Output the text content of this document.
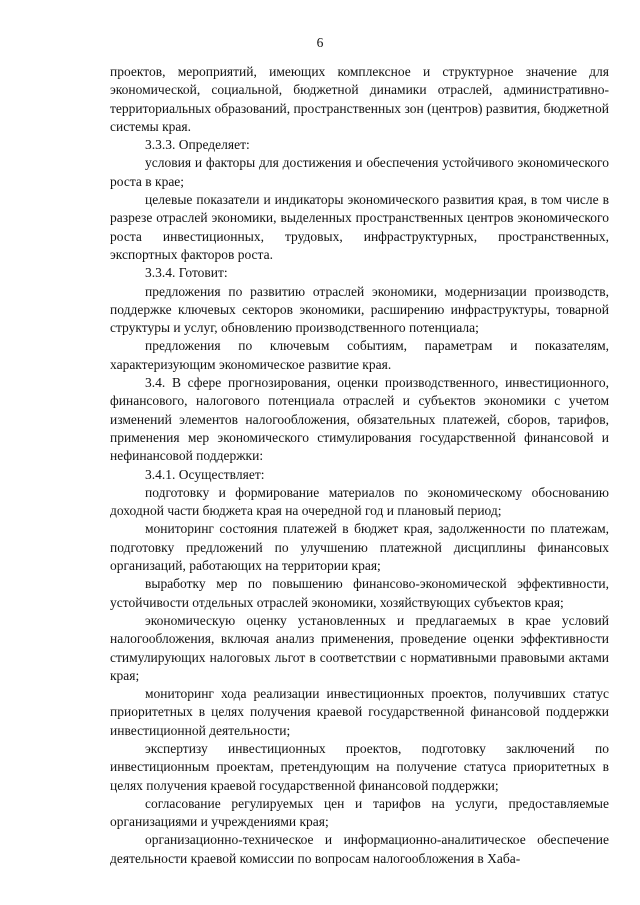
6

проектов, мероприятий, имеющих комплексное и структурное значение для экономической, социальной, бюджетной динамики отраслей, административно-территориальных образований, пространственных зон (центров) развития, бюджетной системы края.

3.3.3. Определяет:

условия и факторы для достижения и обеспечения устойчивого экономического роста в крае;

целевые показатели и индикаторы экономического развития края, в том числе в разрезе отраслей экономики, выделенных пространственных центров экономического роста инвестиционных, трудовых, инфраструктурных, пространственных, экспортных факторов роста.

3.3.4. Готовит:

предложения по развитию отраслей экономики, модернизации производств, поддержке ключевых секторов экономики, расширению инфраструктуры, товарной структуры и услуг, обновлению производственного потенциала;

предложения по ключевым событиям, параметрам и показателям, характеризующим экономическое развитие края.

3.4. В сфере прогнозирования, оценки производственного, инвестиционного, финансового, налогового потенциала отраслей и субъектов экономики с учетом изменений элементов налогообложения, обязательных платежей, сборов, тарифов, применения мер экономического стимулирования государственной финансовой и нефинансовой поддержки:

3.4.1. Осуществляет:

подготовку и формирование материалов по экономическому обоснованию доходной части бюджета края на очередной год и плановый период;

мониторинг состояния платежей в бюджет края, задолженности по платежам, подготовку предложений по улучшению платежной дисциплины финансовых организаций, работающих на территории края;

выработку мер по повышению финансово-экономической эффективности, устойчивости отдельных отраслей экономики, хозяйствующих субъектов края;

экономическую оценку установленных и предлагаемых в крае условий налогообложения, включая анализ применения, проведение оценки эффективности стимулирующих налоговых льгот в соответствии с нормативными правовыми актами края;

мониторинг хода реализации инвестиционных проектов, получивших статус приоритетных в целях получения краевой государственной финансовой поддержки инвестиционной деятельности;

экспертизу инвестиционных проектов, подготовку заключений по инвестиционным проектам, претендующим на получение статуса приоритетных в целях получения краевой государственной финансовой поддержки;

согласование регулируемых цен и тарифов на услуги, предоставляемые организациями и учреждениями края;

организационно-техническое и информационно-аналитическое обеспечение деятельности краевой комиссии по вопросам налогообложения в Хаба-
